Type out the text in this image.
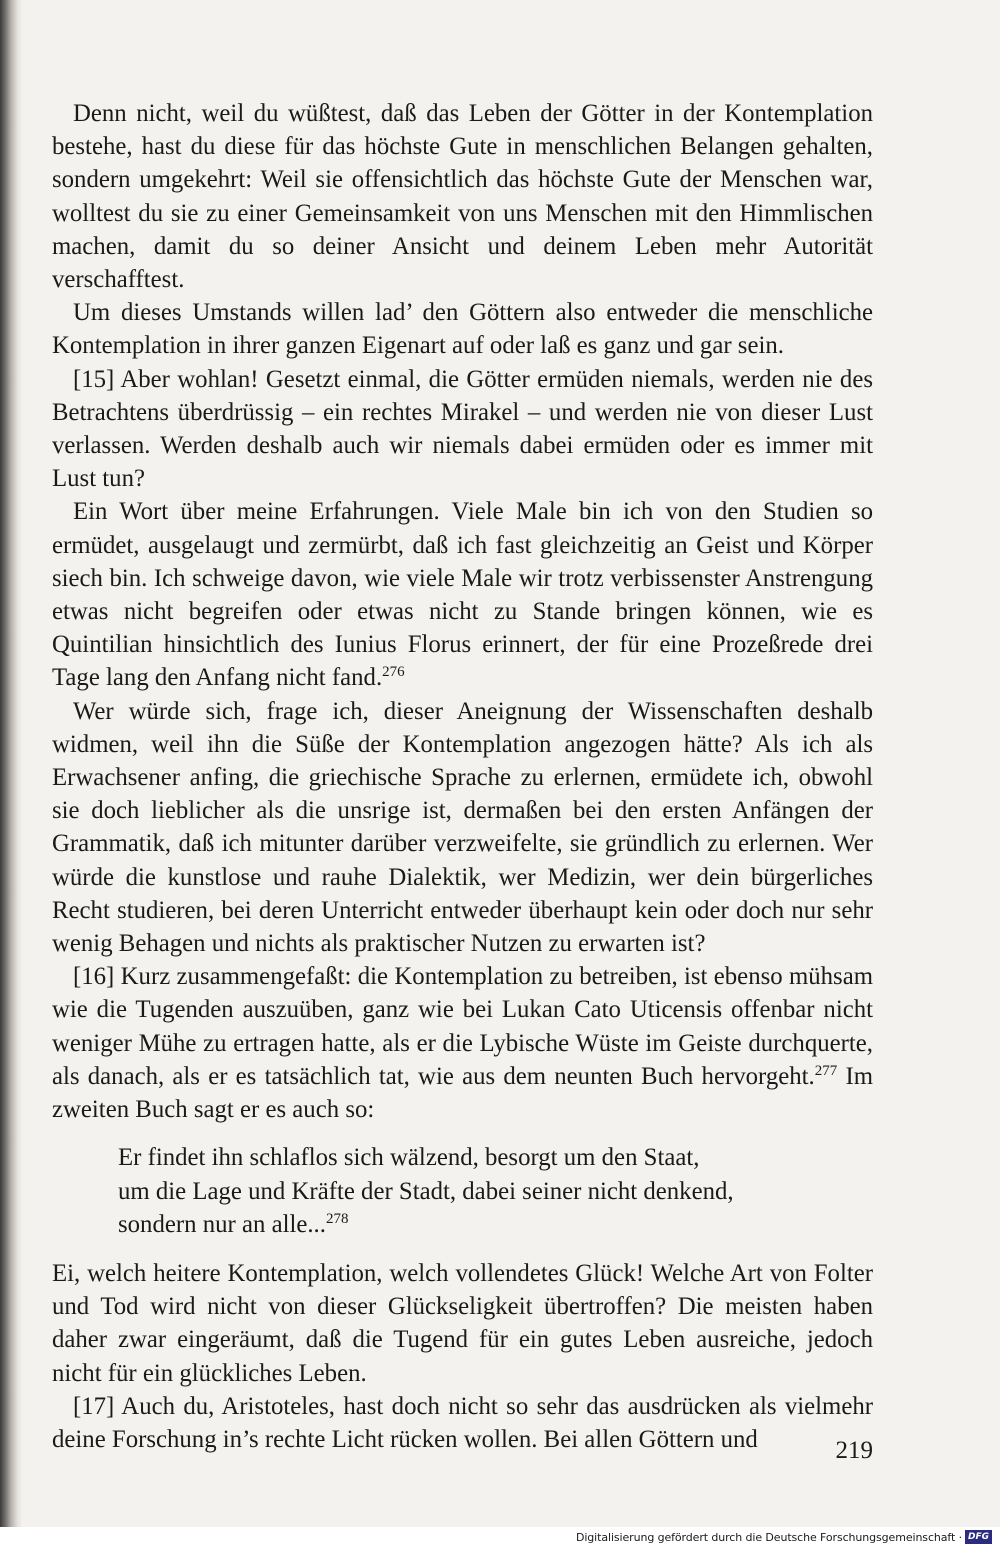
Denn nicht, weil du wüßtest, daß das Leben der Götter in der Kontemplation bestehe, hast du diese für das höchste Gute in menschlichen Belangen gehalten, sondern umgekehrt: Weil sie offensichtlich das höchste Gute der Menschen war, wolltest du sie zu einer Gemeinsamkeit von uns Menschen mit den Himmlischen machen, damit du so deiner Ansicht und deinem Leben mehr Autorität verschafftest.

Um dieses Umstands willen lad’ den Göttern also entweder die menschliche Kontemplation in ihrer ganzen Eigenart auf oder laß es ganz und gar sein.

[15] Aber wohlan! Gesetzt einmal, die Götter ermüden niemals, werden nie des Betrachtens überdrüssig – ein rechtes Mirakel – und werden nie von dieser Lust verlassen. Werden deshalb auch wir niemals dabei ermüden oder es immer mit Lust tun?

Ein Wort über meine Erfahrungen. Viele Male bin ich von den Studien so ermüdet, ausgelaugt und zermürbt, daß ich fast gleichzeitig an Geist und Körper siech bin. Ich schweige davon, wie viele Male wir trotz verbissenster Anstrengung etwas nicht begreifen oder etwas nicht zu Stande bringen können, wie es Quintilian hinsichtlich des Iunius Florus erinnert, der für eine Prozeßrede drei Tage lang den Anfang nicht fand.$^{276}$

Wer würde sich, frage ich, dieser Aneignung der Wissenschaften deshalb widmen, weil ihn die Süße der Kontemplation angezogen hätte? Als ich als Erwachsener anfing, die griechische Sprache zu erlernen, ermüdete ich, obwohl sie doch lieblicher als die unsrige ist, dermaßen bei den ersten Anfängen der Grammatik, daß ich mitunter darüber verzweifelte, sie gründlich zu erlernen. Wer würde die kunstlose und rauhe Dialektik, wer Medizin, wer dein bürgerliches Recht studieren, bei deren Unterricht entweder überhaupt kein oder doch nur sehr wenig Behagen und nichts als praktischer Nutzen zu erwarten ist?

[16] Kurz zusammengefaßt: die Kontemplation zu betreiben, ist ebenso mühsam wie die Tugenden auszuüben, ganz wie bei Lukan Cato Uticensis offenbar nicht weniger Mühe zu ertragen hatte, als er die Lybische Wüste im Geiste durchquerte, als danach, als er es tatsächlich tat, wie aus dem neunten Buch hervorgeht.$^{277}$ Im zweiten Buch sagt er es auch so:

Er findet ihn schlaflos sich wälzend, besorgt um den Staat,
um die Lage und Kräfte der Stadt, dabei seiner nicht denkend,
sondern nur an alle...$^{278}$

Ei, welch heitere Kontemplation, welch vollendetes Glück! Welche Art von Folter und Tod wird nicht von dieser Glückseligkeit übertroffen? Die meisten haben daher zwar eingeräumt, daß die Tugend für ein gutes Leben ausreiche, jedoch nicht für ein glückliches Leben.

[17] Auch du, Aristoteles, hast doch nicht so sehr das ausdrücken als vielmehr deine Forschung in’s rechte Licht rücken wollen. Bei allen Göttern und	219
Digitalisierung gefördert durch die Deutsche Forschungsgemeinschaft · DFG
